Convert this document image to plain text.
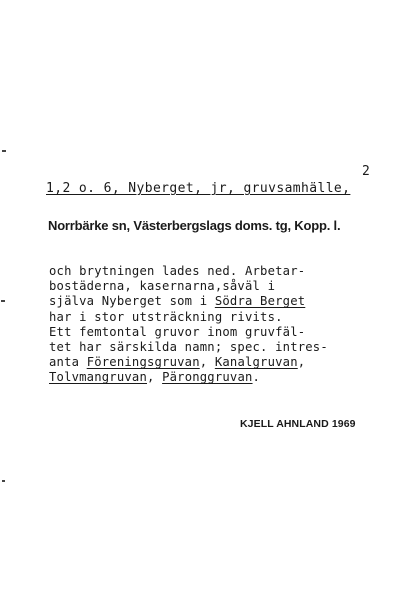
2
1,2 o. 6, Nyberget, jr, gruvsamhälle,
Norrbärke sn, Västerbergslags doms. tg, Kopp. l.
och brytningen lades ned. Arbetar-
bostäderna, kasernarna,såväl i
själva Nyberget som i Södra Berget
har i stor utsträckning rivits.
Ett femtontal gruvor inom gruvfäl-
tet har särskilda namn; spec. intres-
anta Föreningsgruvan, Kanalgruvan,
Tolvmangruvan, Päronggruvan.
KJELL AHNLAND 1969
